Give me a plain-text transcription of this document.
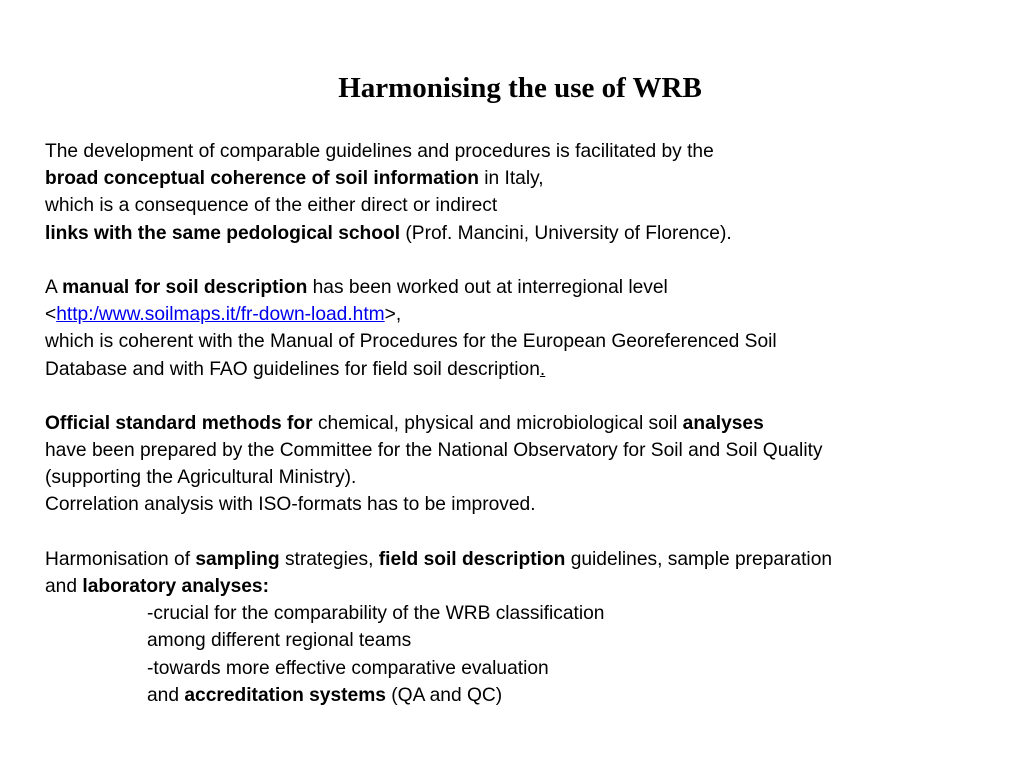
Harmonising the use of WRB
The development of comparable guidelines and procedures is facilitated by the
broad conceptual coherence of soil information in Italy,
which is a consequence of the either direct or indirect
links with the same pedological school (Prof. Mancini, University of Florence).
A manual for soil description has been worked out at interregional level
<http:/www.soilmaps.it/fr-down-load.htm>,
which is coherent with the Manual of Procedures for the European Georeferenced Soil
Database and with FAO guidelines for field soil description.
Official standard methods for chemical, physical and microbiological soil analyses
have been prepared by the Committee for the National Observatory for Soil and Soil Quality
(supporting the Agricultural Ministry).
Correlation analysis with ISO-formats has to be improved.
Harmonisation of sampling strategies, field soil description guidelines, sample preparation
and laboratory analyses:
-crucial for the comparability of the WRB classification
among different regional teams
-towards more effective comparative evaluation
and accreditation systems (QA and QC)
